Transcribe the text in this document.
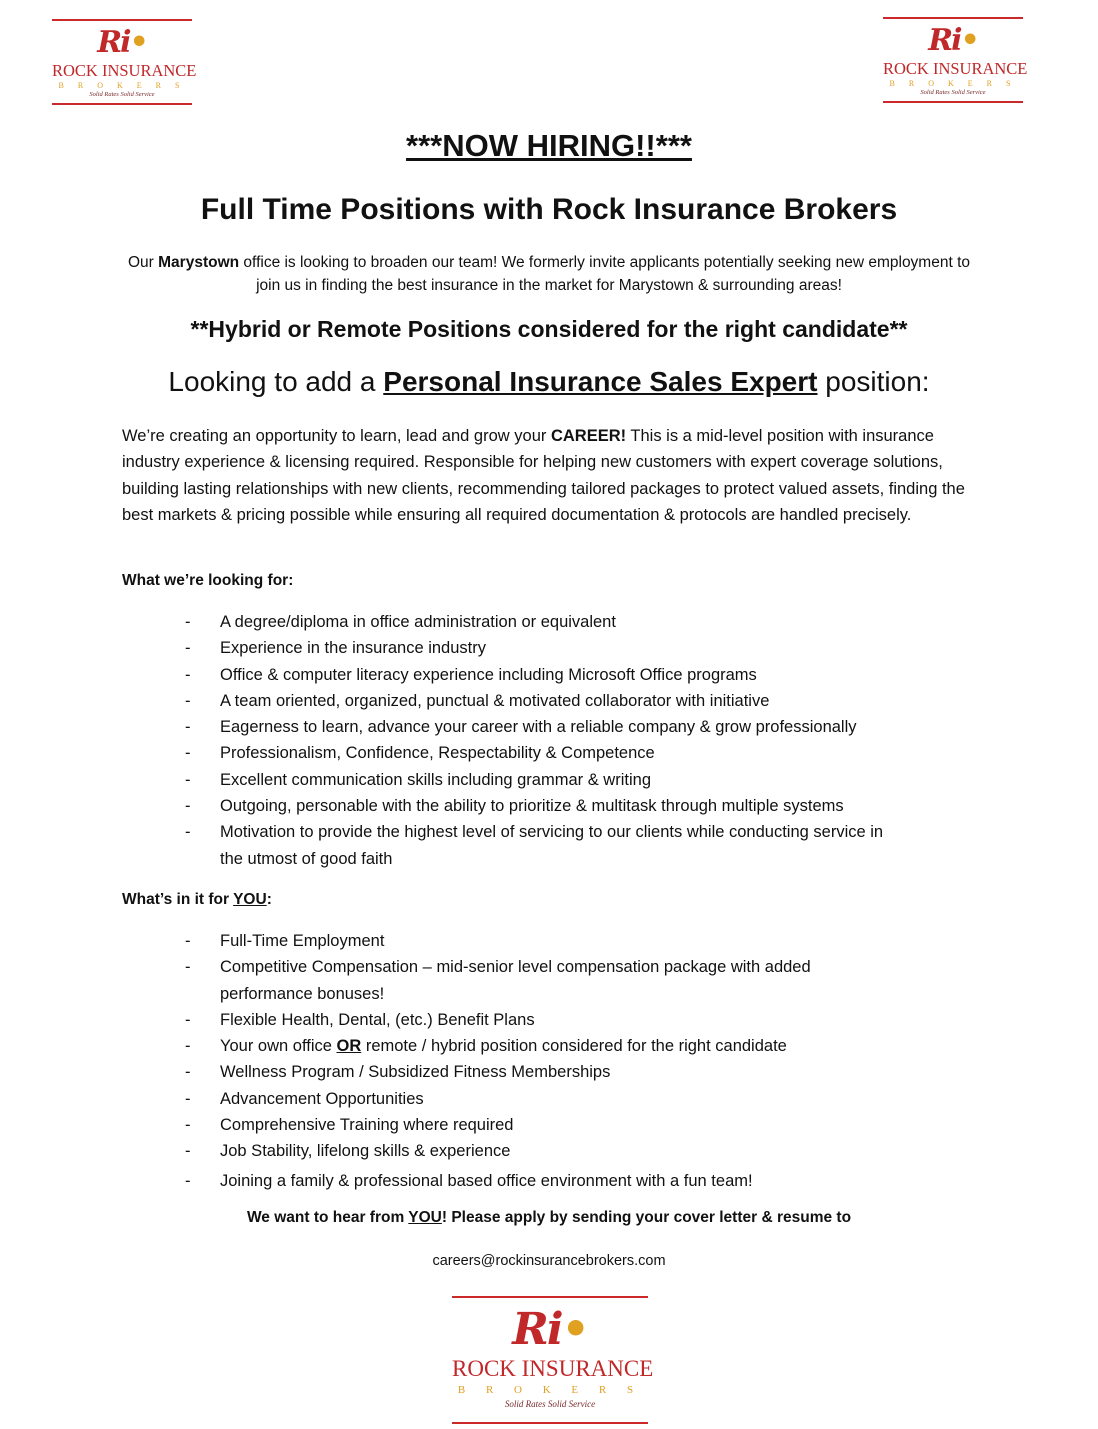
Ri•
ROCK INSURANCE
B R O K E R S
Solid Rates Solid Service
Ri•
ROCK INSURANCE
B R O K E R S
Solid Rates Solid Service
***NOW HIRING!!***
Full Time Positions with Rock Insurance Brokers
Our Marystown office is looking to broaden our team! We formerly invite applicants potentially seeking new employment to join us in finding the best insurance in the market for Marystown & surrounding areas!
**Hybrid or Remote Positions considered for the right candidate**
Looking to add a Personal Insurance Sales Expert position:
We’re creating an opportunity to learn, lead and grow your CAREER! This is a mid-level position with insurance industry experience & licensing required. Responsible for helping new customers with expert coverage solutions, building lasting relationships with new clients, recommending tailored packages to protect valued assets, finding the best markets & pricing possible while ensuring all required documentation & protocols are handled precisely.
What we’re looking for:
- A degree/diploma in office administration or equivalent
- Experience in the insurance industry
- Office & computer literacy experience including Microsoft Office programs
- A team oriented, organized, punctual & motivated collaborator with initiative
- Eagerness to learn, advance your career with a reliable company & grow professionally
- Professionalism, Confidence, Respectability & Competence
- Excellent communication skills including grammar & writing
- Outgoing, personable with the ability to prioritize & multitask through multiple systems
- Motivation to provide the highest level of servicing to our clients while conducting service in
the utmost of good faith
What’s in it for YOU:
- Full-Time Employment
- Competitive Compensation – mid-senior level compensation package with added
performance bonuses!
- Flexible Health, Dental, (etc.) Benefit Plans
- Your own office OR remote / hybrid position considered for the right candidate
- Wellness Program / Subsidized Fitness Memberships
- Advancement Opportunities
- Comprehensive Training where required
- Job Stability, lifelong skills & experience
- Joining a family & professional based office environment with a fun team!
We want to hear from YOU! Please apply by sending your cover letter & resume to
careers@rockinsurancebrokers.com
Ri•
ROCK INSURANCE
B R O K E R S
Solid Rates Solid Service
